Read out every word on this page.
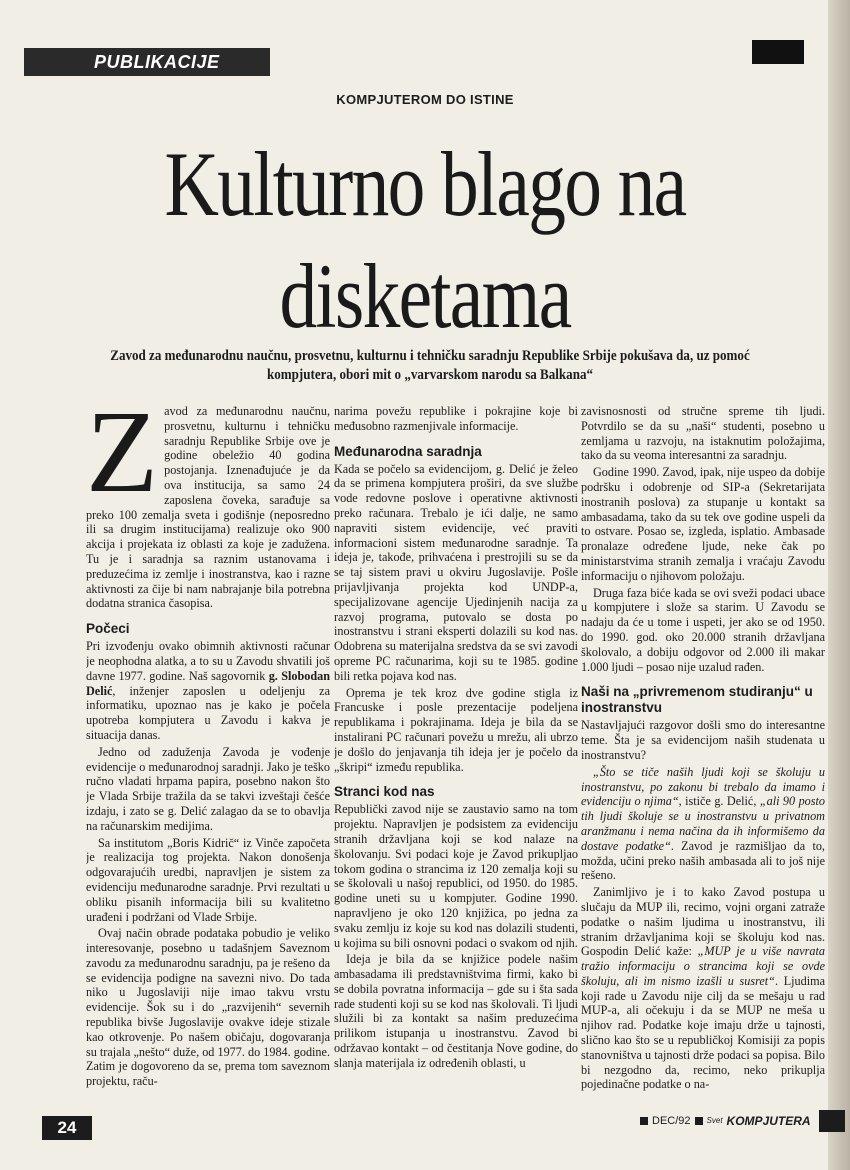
PUBLIKACIJE
KOMPJUTEROM DO ISTINE
Kulturno blago na disketama
Zavod za međunarodnu naučnu, prosvetnu, kulturnu i tehničku saradnju Republike Srbije pokušava da, uz pomoć kompjutera, obori mit o „varvarskom narodu sa Balkana“

Zavod za međunarodnu naučnu, prosvetnu, kulturnu i tehničku saradnju Republike Srbije ove je godine obeležio 40 godina postojanja. Iznenađujuće je da ova institucija, sa samo 24 zaposlena čoveka, sarađuje sa preko 100 zemalja sveta i godišnje (neposredno ili sa drugim institucijama) realizuje oko 900 akcija i projekata iz oblasti za koje je zadužena. Tu je i saradnja sa raznim ustanovama i preduzećima iz zemlje i inostranstva, kao i razne aktivnosti za čije bi nam nabrajanje bila potrebna dodatna stranica časopisa.

Počeci

Pri izvođenju ovako obimnih aktivnosti računar je neophodna alatka, a to su u Zavodu shvatili još davne 1977. godine. Naš sagovornik g. Slobodan Delić, inženjer zaposlen u odeljenju za informatiku, upoznao nas je kako je počela upotreba kompjutera u Zavodu i kakva je situacija danas.

Jedno od zaduženja Zavoda je vođenje evidencije o međunarodnoj saradnji. Jako je teško ručno vladati hrpama papira, posebno nakon što je Vlada Srbije tražila da se takvi izveštaji češće izdaju, i zato se g. Delić zalagao da se to obavlja na računarskim medijima.

Sa institutom „Boris Kidrič“ iz Vinče započeta je realizacija tog projekta. Nakon donošenja odgovarajućih uredbi, napravljen je sistem za evidenciju međunarodne saradnje. Prvi rezultati u obliku pisanih informacija bili su kvalitetno urađeni i podržani od Vlade Srbije.

Ovaj način obrade podataka pobudio je veliko interesovanje, posebno u tadašnjem Saveznom zavodu za međunarodnu saradnju, pa je rešeno da se evidencija podigne na savezni nivo. Do tada niko u Jugoslaviji nije imao takvu vrstu evidencije. Šok su i do „razvijenih“ severnih republika bivše Jugoslavije ovakve ideje stizale kao otkrovenje. Po našem običaju, dogovaranja su trajala „nešto“ duže, od 1977. do 1984. godine. Zatim je dogovoreno da se, prema tom saveznom projektu, raču-

narima povežu republike i pokrajine koje bi međusobno razmenjivale informacije.

Međunarodna saradnja

Kada se počelo sa evidencijom, g. Delić je želeo da se primena kompjutera proširi, da sve službe vode redovne poslove i operativne aktivnosti preko računara. Trebalo je ići dalje, ne samo napraviti sistem evidencije, već praviti informacioni sistem međunarodne saradnje. Ta ideja je, takođe, prihvaćena i prestrojili su se da se taj sistem pravi u okviru Jugoslavije. Pošle prijavljivanja projekta kod UNDP-a, specijalizovane agencije Ujedinjenih nacija za razvoj programa, putovalo se dosta po inostranstvu i strani eksperti dolazili su kod nas. Odobrena su materijalna sredstva da se svi zavodi opreme PC računarima, koji su te 1985. godine bili retka pojava kod nas.

Oprema je tek kroz dve godine stigla iz Francuske i posle prezentacije podeljena republikama i pokrajinama. Ideja je bila da se instalirani PC računari povežu u mrežu, ali ubrzo je došlo do jenjavanja tih ideja jer je počelo da „škripi“ između republika.

Stranci kod nas

Republički zavod nije se zaustavio samo na tom projektu. Napravljen je podsistem za evidenciju stranih državljana koji se kod nalaze na školovanju. Svi podaci koje je Zavod prikupljao tokom godina o strancima iz 120 zemalja koji su se školovali u našoj republici, od 1950. do 1985. godine uneti su u kompjuter. Godine 1990. napravljeno je oko 120 knjižica, po jedna za svaku zemlju iz koje su kod nas dolazili studenti, u kojima su bili osnovni podaci o svakom od njih.

Ideja je bila da se knjižice podele našim ambasadama ili predstavništvima firmi, kako bi se dobila povratna informacija – gde su i šta sada rade studenti koji su se kod nas školovali. Ti ljudi služili bi za kontakt sa našim preduzećima prilikom istupanja u inostranstvu. Zavod bi održavao kontakt – od čestitanja Nove godine, do slanja materijala iz određenih oblasti, u

zavisnosnosti od stručne spreme tih ljudi. Potvrdilo se da su „naši“ studenti, posebno u zemljama u razvoju, na istaknutim položajima, tako da su veoma interesantni za saradnju.

Godine 1990. Zavod, ipak, nije uspeo da dobije podršku i odobrenje od SIP-a (Sekretarijata inostranih poslova) za stupanje u kontakt sa ambasadama, tako da su tek ove godine uspeli da to ostvare. Posao se, izgleda, isplatio. Ambasade pronalaze određene ljude, neke čak po ministarstvima stranih zemalja i vraćaju Zavodu informaciju o njihovom položaju.

Druga faza biće kada se ovi sveži podaci ubace u kompjutere i slože sa starim. U Zavodu se nadaju da će u tome i uspeti, jer ako se od 1950. do 1990. god. oko 20.000 stranih državljana školovalo, a dobiju odgovor od 2.000 ili makar 1.000 ljudi – posao nije uzalud rađen.

Naši na „privremenom studiranju“ u inostranstvu

Nastavljajući razgovor došli smo do interesantne teme. Šta je sa evidencijom naših studenata u inostranstvu?

„Što se tiče naših ljudi koji se školuju u inostranstvu, po zakonu bi trebalo da imamo i evidenciju o njima“, ističe g. Delić, „ali 90 posto tih ljudi školuje se u inostranstvu u privatnom aranžmanu i nema načina da ih informišemo da dostave podatke“. Zavod je razmišljao da to, možda, učini preko naših ambasada ali to još nije rešeno.

Zanimljivo je i to kako Zavod postupa u slučaju da MUP ili, recimo, vojni organi zatraže podatke o našim ljudima u inostranstvu, ili stranim državljanima koji se školuju kod nas. Gospodin Delić kaže: „MUP je u više navrata tražio informaciju o strancima koji se ovde školuju, ali im nismo izašli u susret“. Ljudima koji rade u Zavodu nije cilj da se mešaju u rad MUP-a, ali očekuju i da se MUP ne meša u njihov rad. Podatke koje imaju drže u tajnosti, slično kao što se u republičkoj Komisiji za popis stanovništva u tajnosti drže podaci sa popisa. Bilo bi nezgodno da, recimo, neko prikuplja pojedinačne podatke o na-

24	DEC/92 Svet KOMPJUTERA
